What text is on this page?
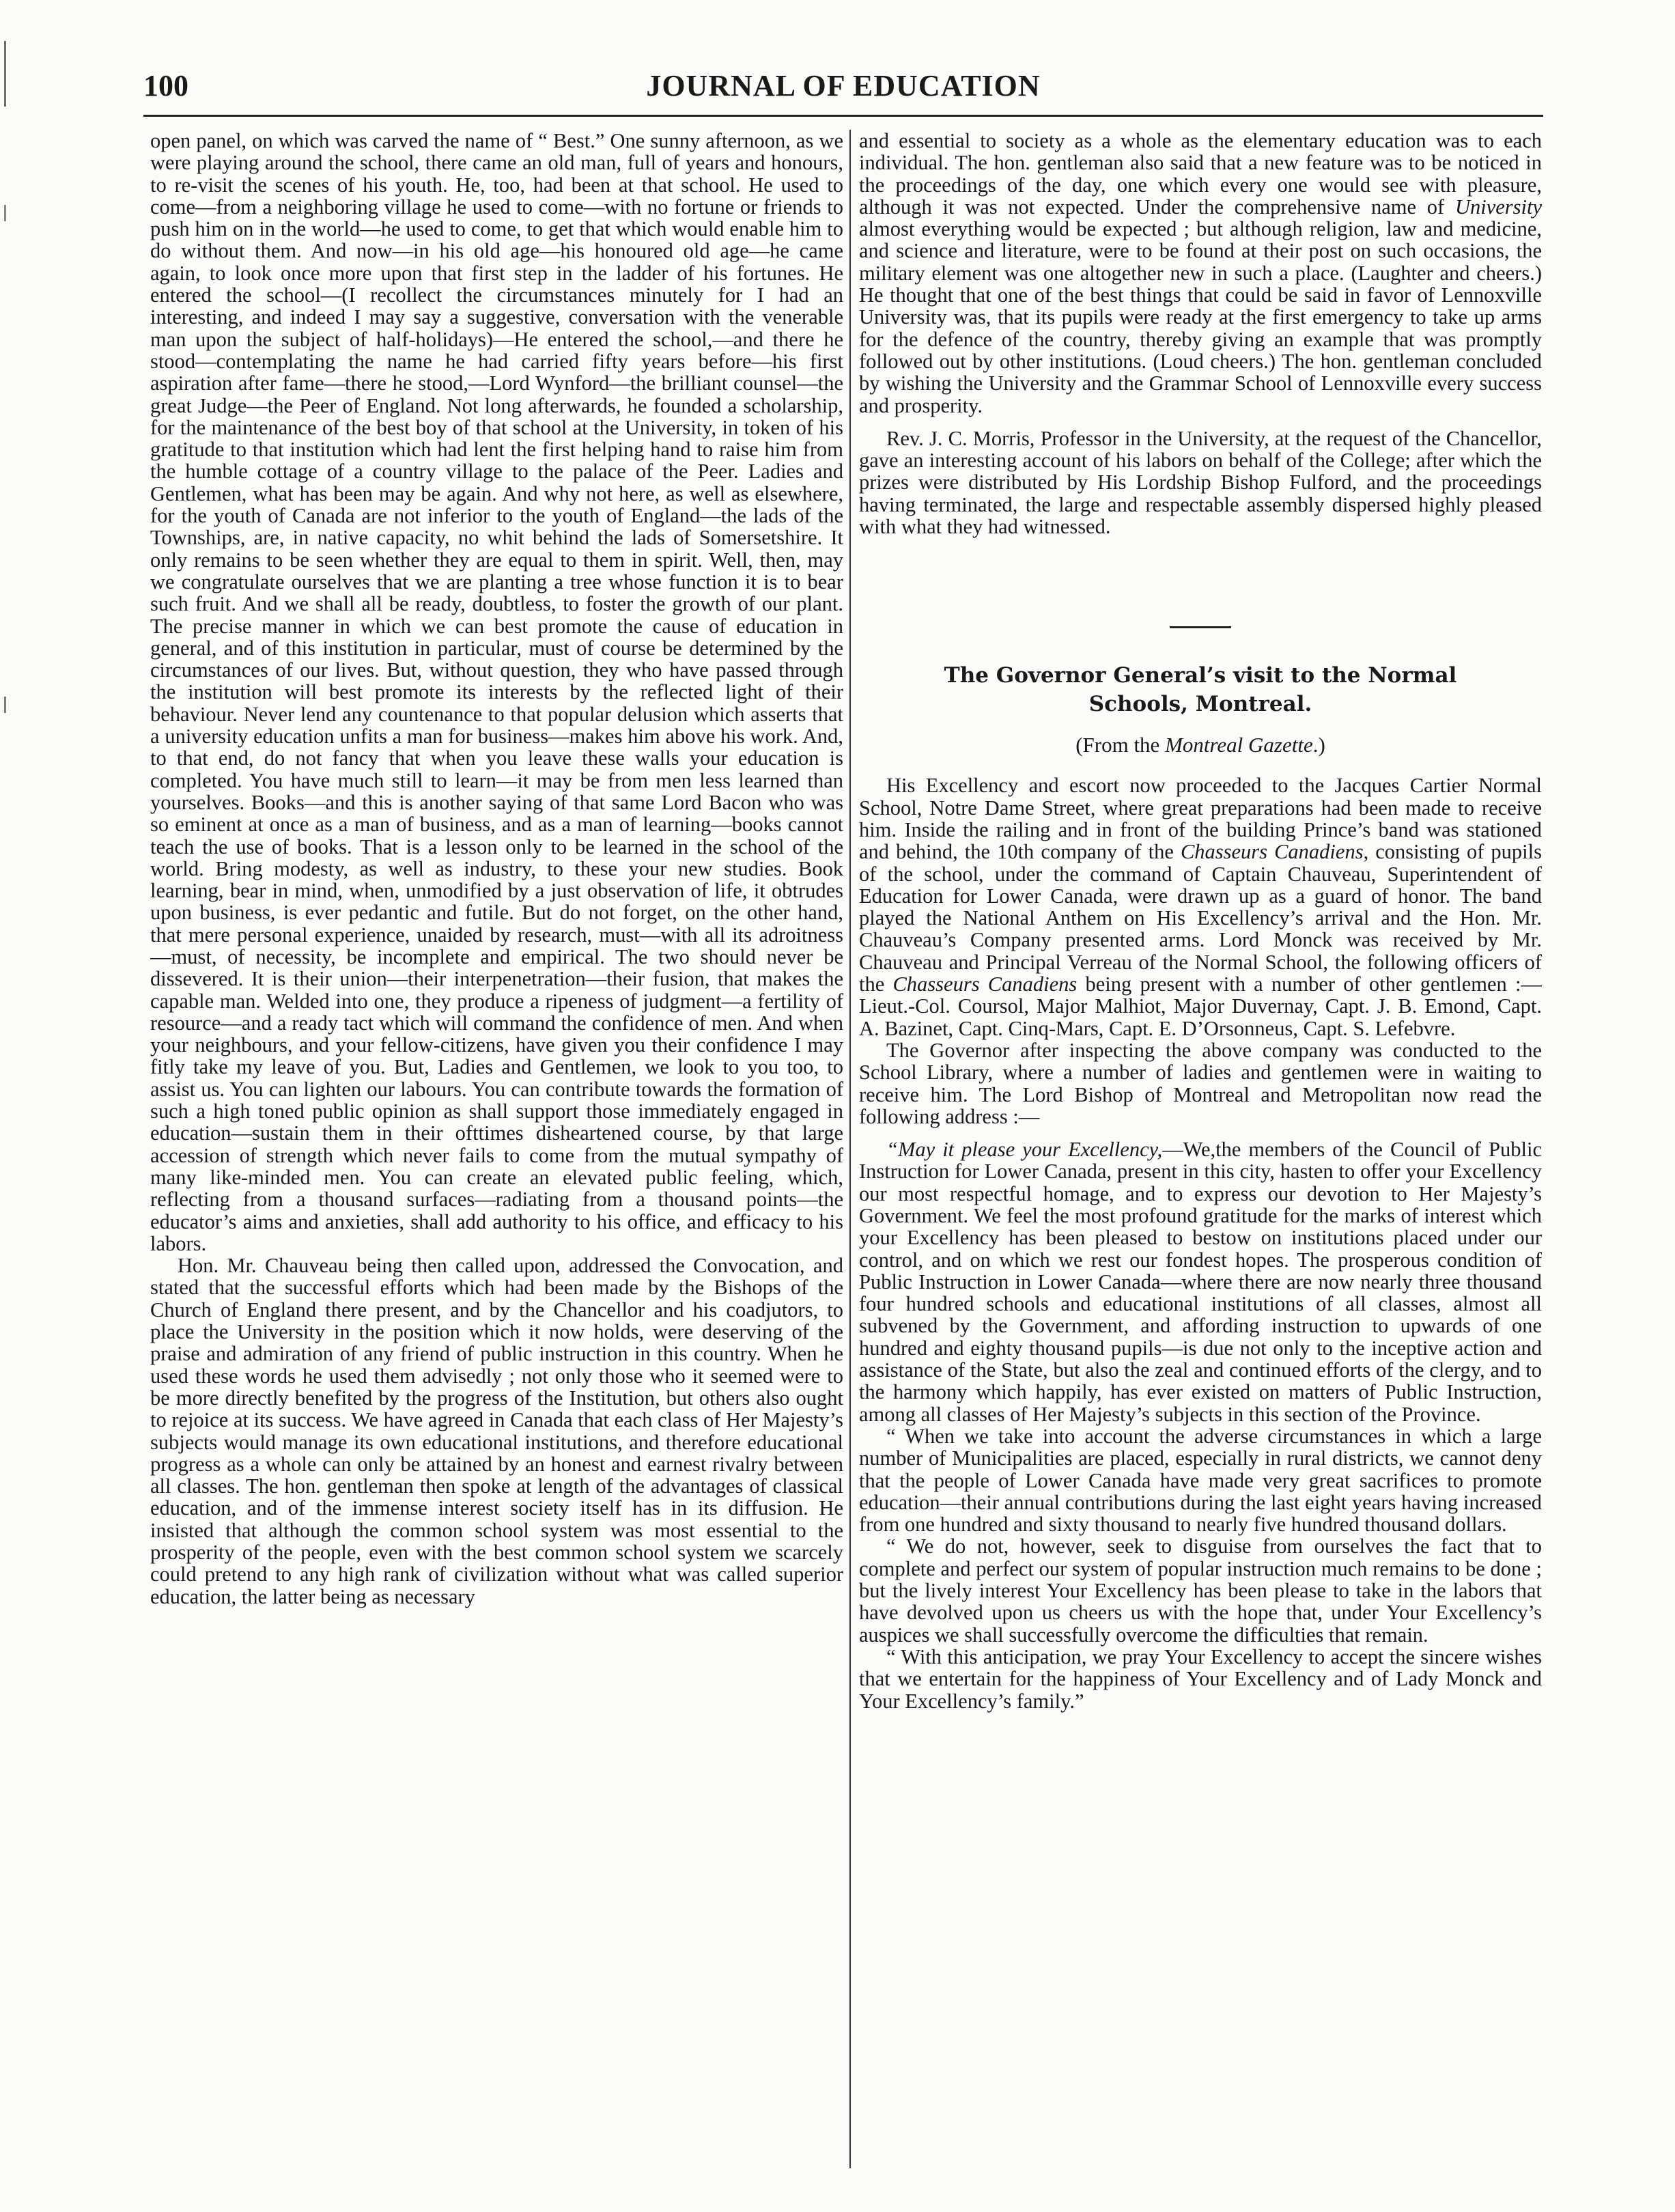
100	JOURNAL OF EDUCATION

open panel, on which was carved the name of “ Best.” One sunny afternoon, as we were playing around the school, there came an old man, full of years and honours, to re-visit the scenes of his youth. He, too, had been at that school. He used to come—from a neighboring village he used to come—with no fortune or friends to push him on in the world—he used to come, to get that which would enable him to do without them. And now—in his old age—his honoured old age—he came again, to look once more upon that first step in the ladder of his fortunes. He entered the school—(I recollect the circumstances minutely for I had an interesting, and indeed I may say a suggestive, conversation with the venerable man upon the subject of half-holidays)—He entered the school,—and there he stood—contemplating the name he had carried fifty years before—his first aspiration after fame—there he stood,—Lord Wynford—the brilliant counsel—the great Judge—the Peer of England. Not long afterwards, he founded a scholarship, for the maintenance of the best boy of that school at the University, in token of his gratitude to that institution which had lent the first helping hand to raise him from the humble cottage of a country village to the palace of the Peer. Ladies and Gentlemen, what has been may be again. And why not here, as well as elsewhere, for the youth of Canada are not inferior to the youth of England—the lads of the Townships, are, in native capacity, no whit behind the lads of Somersetshire. It only remains to be seen whether they are equal to them in spirit. Well, then, may we congratulate ourselves that we are planting a tree whose function it is to bear such fruit. And we shall all be ready, doubtless, to foster the growth of our plant. The precise manner in which we can best promote the cause of education in general, and of this institution in particular, must of course be determined by the circumstances of our lives. But, without question, they who have passed through the institution will best promote its interests by the reflected light of their behaviour. Never lend any countenance to that popular delusion which asserts that a university education unfits a man for business—makes him above his work. And, to that end, do not fancy that when you leave these walls your education is completed. You have much still to learn—it may be from men less learned than yourselves. Books—and this is another saying of that same Lord Bacon who was so eminent at once as a man of business, and as a man of learning—books cannot teach the use of books. That is a lesson only to be learned in the school of the world. Bring modesty, as well as industry, to these your new studies. Book learning, bear in mind, when, unmodified by a just observation of life, it obtrudes upon business, is ever pedantic and futile. But do not forget, on the other hand, that mere personal experience, unaided by research, must—with all its adroitness—must, of necessity, be incomplete and empirical. The two should never be dissevered. It is their union—their interpenetration—their fusion, that makes the capable man. Welded into one, they produce a ripeness of judgment—a fertility of resource—and a ready tact which will command the confidence of men. And when your neighbours, and your fellow-citizens, have given you their confidence I may fitly take my leave of you. But, Ladies and Gentlemen, we look to you too, to assist us. You can lighten our labours. You can contribute towards the formation of such a high toned public opinion as shall support those immediately engaged in education—sustain them in their ofttimes disheartened course, by that large accession of strength which never fails to come from the mutual sympathy of many like-minded men. You can create an elevated public feeling, which, reflecting from a thousand surfaces—radiating from a thousand points—the educator’s aims and anxieties, shall add authority to his office, and efficacy to his labors.

Hon. Mr. Chauveau being then called upon, addressed the Convocation, and stated that the successful efforts which had been made by the Bishops of the Church of England there present, and by the Chancellor and his coadjutors, to place the University in the position which it now holds, were deserving of the praise and admiration of any friend of public instruction in this country. When he used these words he used them advisedly ; not only those who it seemed were to be more directly benefited by the progress of the Institution, but others also ought to rejoice at its success. We have agreed in Canada that each class of Her Majesty’s subjects would manage its own educational institutions, and therefore educational progress as a whole can only be attained by an honest and earnest rivalry between all classes. The hon. gentleman then spoke at length of the advantages of classical education, and of the immense interest society itself has in its diffusion. He insisted that although the common school system was most essential to the prosperity of the people, even with the best common school system we scarcely could pretend to any high rank of civilization without what was called superior education, the latter being as necessary

and essential to society as a whole as the elementary education was to each individual. The hon. gentleman also said that a new feature was to be noticed in the proceedings of the day, one which every one would see with pleasure, although it was not expected. Under the comprehensive name of University almost everything would be expected ; but although religion, law and medicine, and science and literature, were to be found at their post on such occasions, the military element was one altogether new in such a place. (Laughter and cheers.) He thought that one of the best things that could be said in favor of Lennoxville University was, that its pupils were ready at the first emergency to take up arms for the defence of the country, thereby giving an example that was promptly followed out by other institutions. (Loud cheers.) The hon. gentleman concluded by wishing the University and the Grammar School of Lennoxville every success and prosperity.

Rev. J. C. Morris, Professor in the University, at the request of the Chancellor, gave an interesting account of his labors on behalf of the College; after which the prizes were distributed by His Lordship Bishop Fulford, and the proceedings having terminated, the large and respectable assembly dispersed highly pleased with what they had witnessed.

The Governor General’s visit to the Normal
Schools, Montreal.
(From the Montreal Gazette.)

His Excellency and escort now proceeded to the Jacques Cartier Normal School, Notre Dame Street, where great preparations had been made to receive him. Inside the railing and in front of the building Prince’s band was stationed and behind, the 10th company of the Chasseurs Canadiens, consisting of pupils of the school, under the command of Captain Chauveau, Superintendent of Education for Lower Canada, were drawn up as a guard of honor. The band played the National Anthem on His Excellency’s arrival and the Hon. Mr. Chauveau’s Company presented arms. Lord Monck was received by Mr. Chauveau and Principal Verreau of the Normal School, the following officers of the Chasseurs Canadiens being present with a number of other gentlemen :— Lieut.-Col. Coursol, Major Malhiot, Major Duvernay, Capt. J. B. Emond, Capt. A. Bazinet, Capt. Cinq-Mars, Capt. E. D’Orsonneus, Capt. S. Lefebvre.

The Governor after inspecting the above company was conducted to the School Library, where a number of ladies and gentlemen were in waiting to receive him. The Lord Bishop of Montreal and Metropolitan now read the following address :—

“May it please your Excellency,—We,the members of the Council of Public Instruction for Lower Canada, present in this city, hasten to offer your Excellency our most respectful homage, and to express our devotion to Her Majesty’s Government. We feel the most profound gratitude for the marks of interest which your Excellency has been pleased to bestow on institutions placed under our control, and on which we rest our fondest hopes. The prosperous condition of Public Instruction in Lower Canada—where there are now nearly three thousand four hundred schools and educational institutions of all classes, almost all subvened by the Government, and affording instruction to upwards of one hundred and eighty thousand pupils—is due not only to the inceptive action and assistance of the State, but also the zeal and continued efforts of the clergy, and to the harmony which happily, has ever existed on matters of Public Instruction, among all classes of Her Majesty’s subjects in this section of the Province.

“ When we take into account the adverse circumstances in which a large number of Municipalities are placed, especially in rural districts, we cannot deny that the people of Lower Canada have made very great sacrifices to promote education—their annual contributions during the last eight years having increased from one hundred and sixty thousand to nearly five hundred thousand dollars.

“ We do not, however, seek to disguise from ourselves the fact that to complete and perfect our system of popular instruction much remains to be done ; but the lively interest Your Excellency has been please to take in the labors that have devolved upon us cheers us with the hope that, under Your Excellency’s auspices we shall successfully overcome the difficulties that remain.

“ With this anticipation, we pray Your Excellency to accept the sincere wishes that we entertain for the happiness of Your Excellency and of Lady Monck and Your Excellency’s family.”
